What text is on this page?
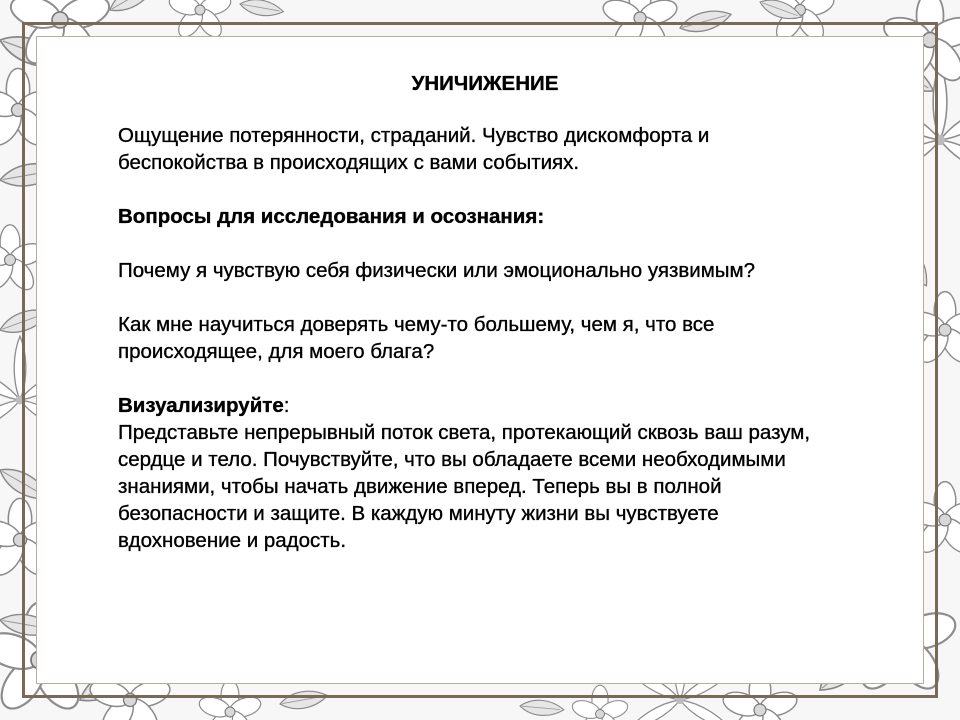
УНИЧИЖЕНИЕ
Ощущение потерянности, страданий. Чувство дискомфорта и беспокойства в происходящих с вами событиях.
Вопросы для исследования и осознания:
Почему я чувствую себя физически или эмоционально уязвимым?
Как мне научиться доверять чему-то большему, чем я, что все происходящее, для моего блага?
Визуализируйте:
Представьте непрерывный поток света, протекающий сквозь ваш разум, сердце и тело. Почувствуйте, что вы обладаете всеми необходимыми знаниями, чтобы начать движение вперед. Теперь вы в полной безопасности и защите. В каждую минуту жизни вы чувствуете вдохновение и радость.
